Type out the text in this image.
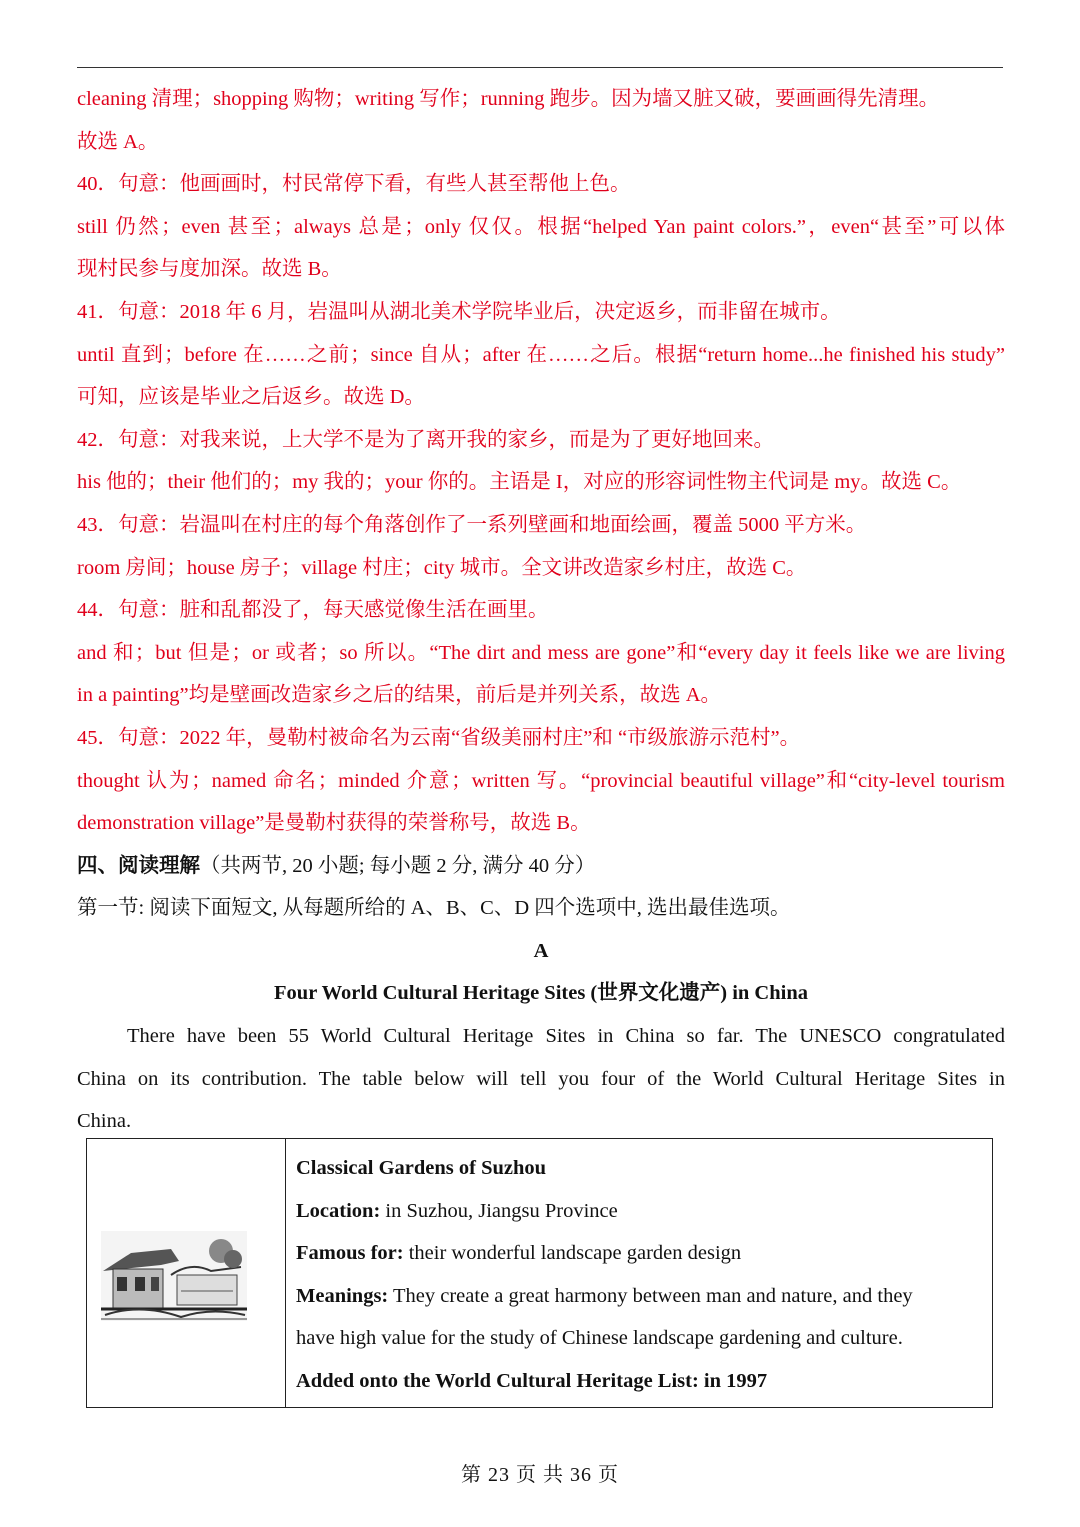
cleaning 清理；shopping 购物；writing 写作；running 跑步。因为墙又脏又破，要画画得先清理。
故选 A。
40．句意：他画画时，村民常停下看，有些人甚至帮他上色。
still 仍然；even 甚至；always 总是；only 仅仅。根据“helped Yan paint colors.”，even“甚至”可以体
现村民参与度加深。故选 B。
41．句意：2018 年 6 月，岩温叫从湖北美术学院毕业后，决定返乡，而非留在城市。
until 直到；before 在……之前；since 自从；after 在……之后。根据“return home...he finished his study”
可知，应该是毕业之后返乡。故选 D。
42．句意：对我来说，上大学不是为了离开我的家乡，而是为了更好地回来。
his 他的；their 他们的；my 我的；your 你的。主语是 I，对应的形容词性物主代词是 my。故选 C。
43．句意：岩温叫在村庄的每个角落创作了一系列壁画和地面绘画，覆盖 5000 平方米。
room 房间；house 房子；village 村庄；city 城市。全文讲改造家乡村庄，故选 C。
44．句意：脏和乱都没了，每天感觉像生活在画里。
and 和；but 但是；or 或者；so 所以。“The dirt and mess are gone”和“every day it feels like we are living
in a painting”均是壁画改造家乡之后的结果，前后是并列关系，故选 A。
45．句意：2022 年，曼勒村被命名为云南“省级美丽村庄”和 “市级旅游示范村”。
thought 认为；named 命名；minded 介意；written 写。“provincial beautiful village”和“city-level tourism
demonstration village”是曼勒村获得的荣誉称号，故选 B。
四、阅读理解（共两节, 20 小题; 每小题 2 分, 满分 40 分）
第一节: 阅读下面短文, 从每题所给的 A、B、C、D 四个选项中, 选出最佳选项。
A
Four World Cultural Heritage Sites (世界文化遗产) in China
There have been 55 World Cultural Heritage Sites in China so far. The UNESCO congratulated
China on its contribution. The table below will tell you four of the World Cultural Heritage Sites in
China.
Classical Gardens of Suzhou
Location: in Suzhou, Jiangsu Province
Famous for: their wonderful landscape garden design
Meanings: They create a great harmony between man and nature, and they
have high value for the study of Chinese landscape gardening and culture.
Added onto the World Cultural Heritage List: in 1997
第 23 页 共 36 页
